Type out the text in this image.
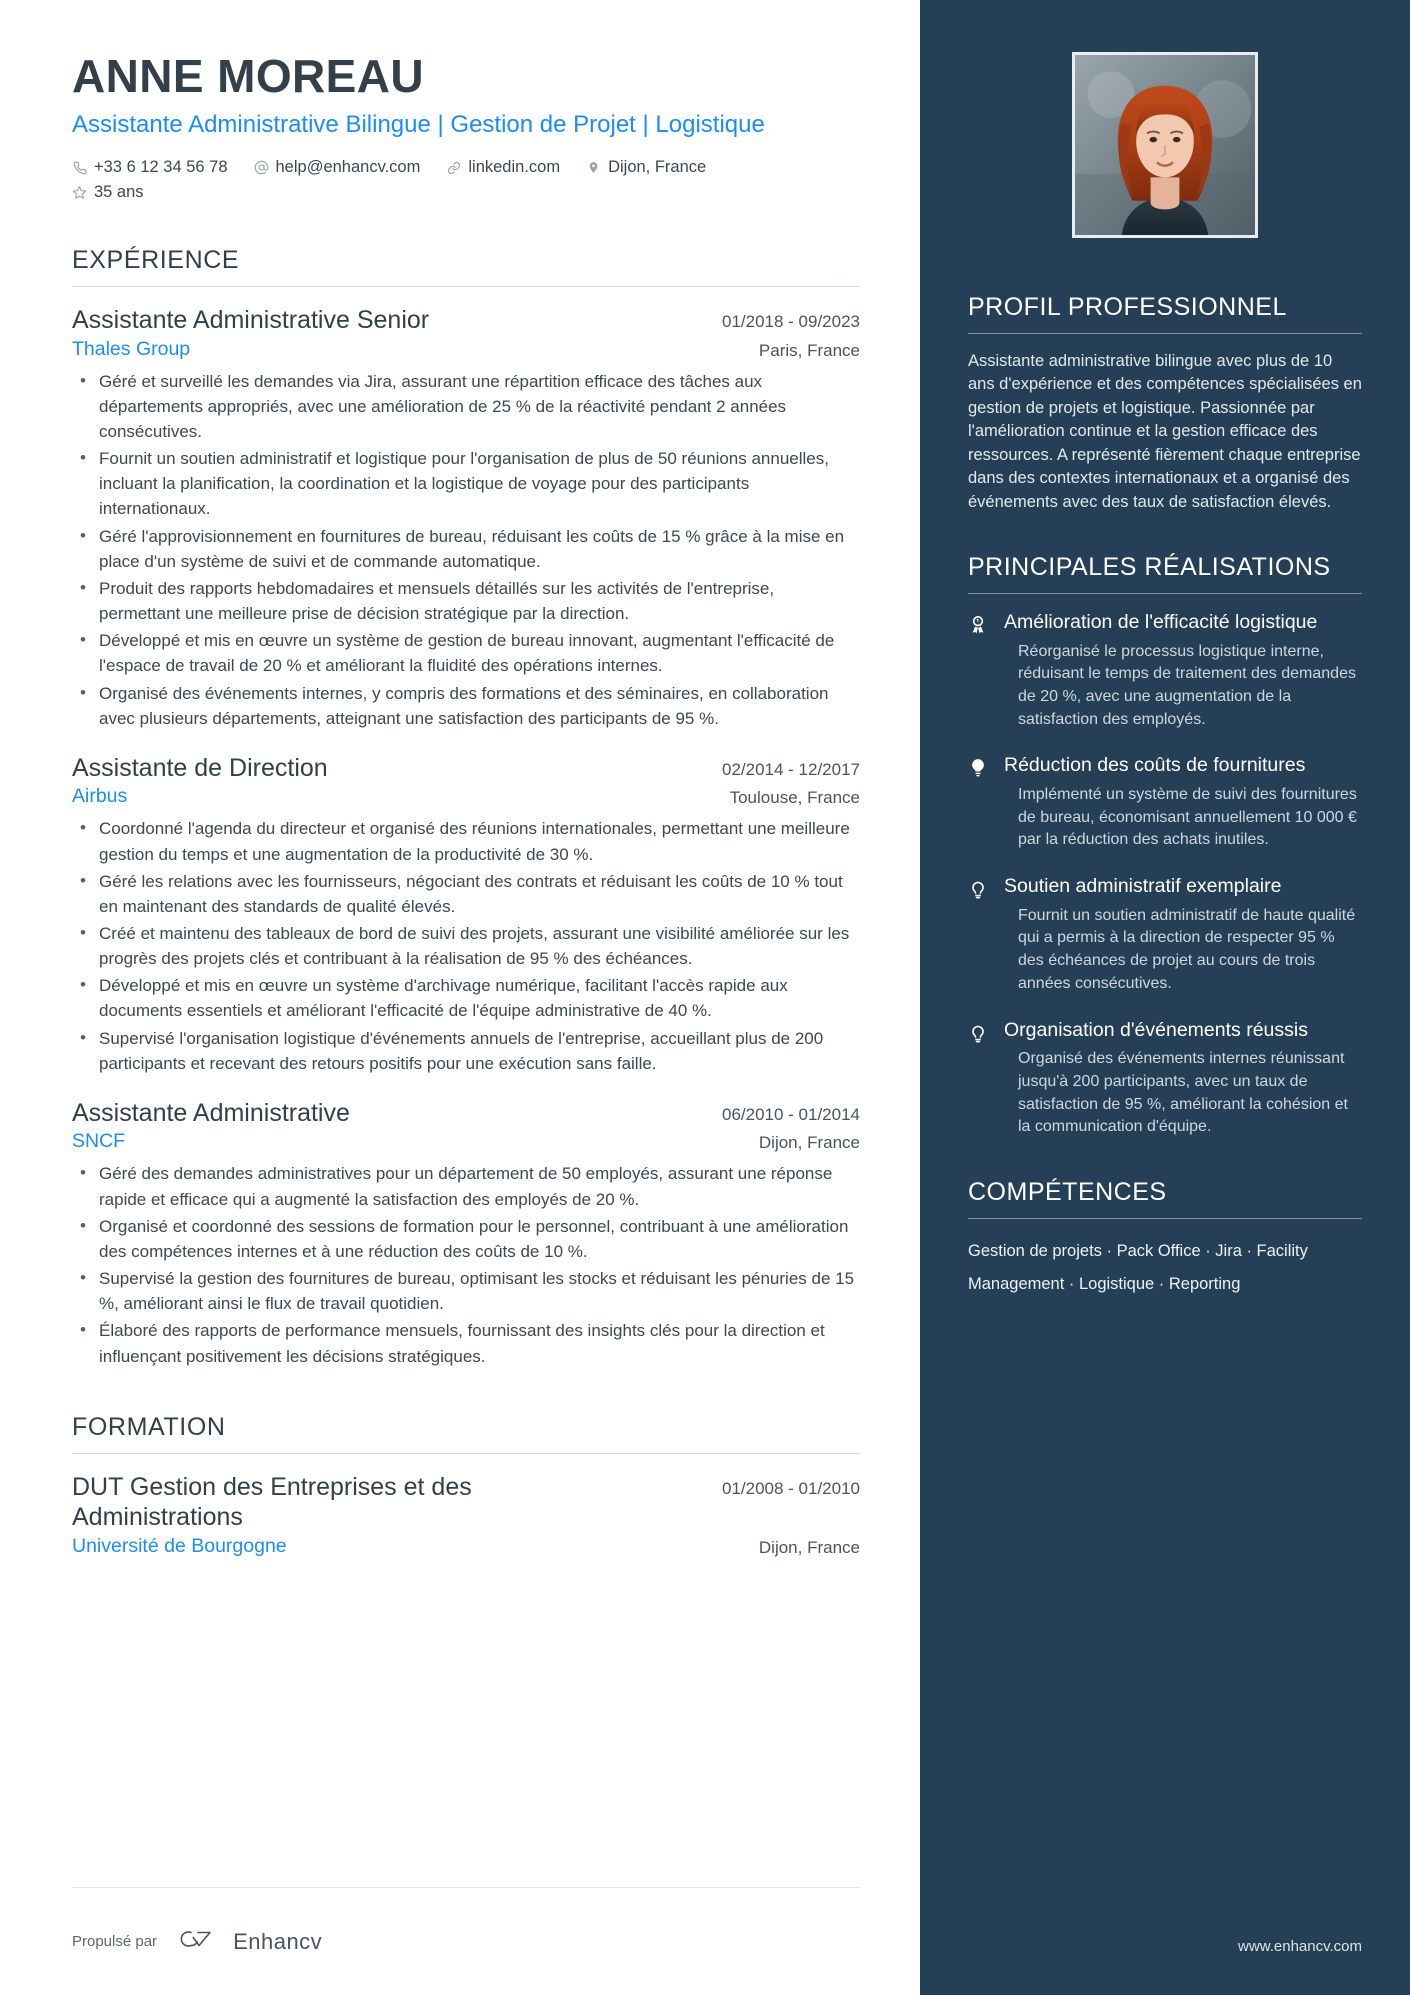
ANNE MOREAU
Assistante Administrative Bilingue | Gestion de Projet | Logistique
+33 6 12 34 56 78	help@enhancv.com	linkedin.com	Dijon, France
35 ans
EXPÉRIENCE
Assistante Administrative Senior	01/2018 - 09/2023
Thales Group	Paris, France
• Géré et surveillé les demandes via Jira, assurant une répartition efficace des tâches aux départements appropriés, avec une amélioration de 25 % de la réactivité pendant 2 années consécutives.
• Fournit un soutien administratif et logistique pour l'organisation de plus de 50 réunions annuelles, incluant la planification, la coordination et la logistique de voyage pour des participants internationaux.
• Géré l'approvisionnement en fournitures de bureau, réduisant les coûts de 15 % grâce à la mise en place d'un système de suivi et de commande automatique.
• Produit des rapports hebdomadaires et mensuels détaillés sur les activités de l'entreprise, permettant une meilleure prise de décision stratégique par la direction.
• Développé et mis en œuvre un système de gestion de bureau innovant, augmentant l'efficacité de l'espace de travail de 20 % et améliorant la fluidité des opérations internes.
• Organisé des événements internes, y compris des formations et des séminaires, en collaboration avec plusieurs départements, atteignant une satisfaction des participants de 95 %.
Assistante de Direction	02/2014 - 12/2017
Airbus	Toulouse, France
• Coordonné l'agenda du directeur et organisé des réunions internationales, permettant une meilleure gestion du temps et une augmentation de la productivité de 30 %.
• Géré les relations avec les fournisseurs, négociant des contrats et réduisant les coûts de 10 % tout en maintenant des standards de qualité élevés.
• Créé et maintenu des tableaux de bord de suivi des projets, assurant une visibilité améliorée sur les progrès des projets clés et contribuant à la réalisation de 95 % des échéances.
• Développé et mis en œuvre un système d'archivage numérique, facilitant l'accès rapide aux documents essentiels et améliorant l'efficacité de l'équipe administrative de 40 %.
• Supervisé l'organisation logistique d'événements annuels de l'entreprise, accueillant plus de 200 participants et recevant des retours positifs pour une exécution sans faille.
Assistante Administrative	06/2010 - 01/2014
SNCF	Dijon, France
• Géré des demandes administratives pour un département de 50 employés, assurant une réponse rapide et efficace qui a augmenté la satisfaction des employés de 20 %.
• Organisé et coordonné des sessions de formation pour le personnel, contribuant à une amélioration des compétences internes et à une réduction des coûts de 10 %.
• Supervisé la gestion des fournitures de bureau, optimisant les stocks et réduisant les pénuries de 15 %, améliorant ainsi le flux de travail quotidien.
• Élaboré des rapports de performance mensuels, fournissant des insights clés pour la direction et influençant positivement les décisions stratégiques.
FORMATION
DUT Gestion des Entreprises et des Administrations
01/2008 - 01/2010
Université de Bourgogne	Dijon, France
Propulsé par	Enhancv
PROFIL PROFESSIONNEL
Assistante administrative bilingue avec plus de 10 ans d'expérience et des compétences spécialisées en gestion de projets et logistique. Passionnée par l'amélioration continue et la gestion efficace des ressources. A représenté fièrement chaque entreprise dans des contextes internationaux et a organisé des événements avec des taux de satisfaction élevés.
PRINCIPALES RÉALISATIONS
Amélioration de l'efficacité logistique
Réorganisé le processus logistique interne, réduisant le temps de traitement des demandes de 20 %, avec une augmentation de la satisfaction des employés.
Réduction des coûts de fournitures
Implémenté un système de suivi des fournitures de bureau, économisant annuellement 10 000 € par la réduction des achats inutiles.
Soutien administratif exemplaire
Fournit un soutien administratif de haute qualité qui a permis à la direction de respecter 95 % des échéances de projet au cours de trois années consécutives.
Organisation d'événements réussis
Organisé des événements internes réunissant jusqu'à 200 participants, avec un taux de satisfaction de 95 %, améliorant la cohésion et la communication d'équipe.
COMPÉTENCES
Gestion de projets · Pack Office · Jira · Facility Management · Logistique · Reporting
www.enhancv.com
